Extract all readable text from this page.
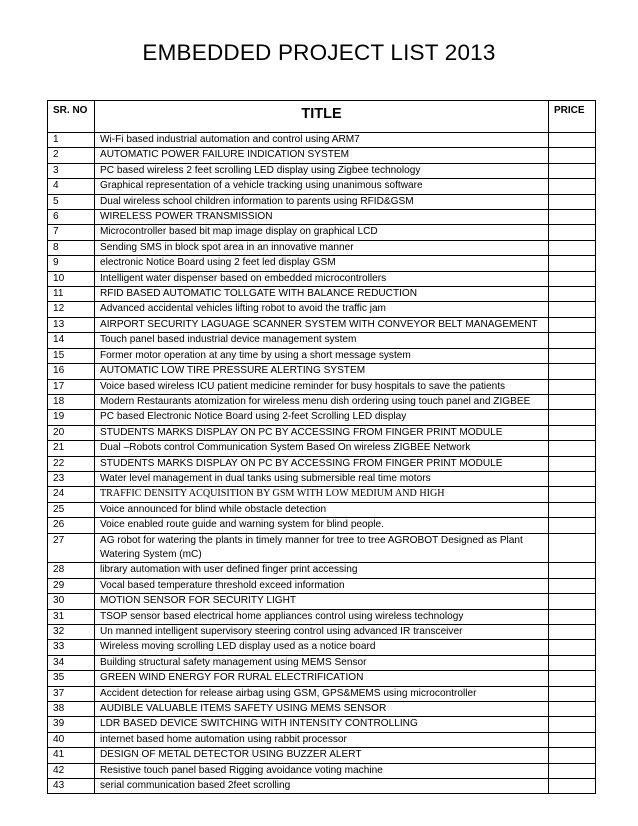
EMBEDDED PROJECT LIST 2013
SR. NO	TITLE	PRICE
1	Wi-Fi based industrial automation and control using ARM7	
2	AUTOMATIC POWER FAILURE INDICATION SYSTEM	
3	PC based wireless 2 feet scrolling LED display using Zigbee technology	
4	Graphical representation of a vehicle tracking using unanimous software	
5	Dual wireless school children information to parents using RFID&GSM	
6	WIRELESS POWER TRANSMISSION	
7	Microcontroller based bit map image display on graphical LCD	
8	Sending SMS in block spot area in an innovative manner	
9	electronic Notice Board using 2 feet led display GSM	
10	Intelligent water dispenser based on embedded microcontrollers	
11	RFID BASED AUTOMATIC TOLLGATE WITH BALANCE REDUCTION	
12	Advanced accidental vehicles lifting robot to avoid the traffic jam	
13	AIRPORT SECURITY LAGUAGE SCANNER SYSTEM WITH CONVEYOR BELT MANAGEMENT	
14	Touch panel based industrial device management system	
15	Former motor operation at any time by using a short message system	
16	AUTOMATIC LOW TIRE PRESSURE ALERTING SYSTEM	
17	Voice based wireless ICU patient medicine reminder for busy hospitals to save the patients	
18	Modern Restaurants atomization for wireless menu dish ordering using touch panel and ZIGBEE	
19	PC based Electronic Notice Board using 2-feet Scrolling LED display	
20	STUDENTS MARKS DISPLAY ON PC BY ACCESSING FROM FINGER PRINT MODULE	
21	Dual –Robots control Communication System Based On wireless ZIGBEE Network	
22	STUDENTS MARKS DISPLAY ON PC BY ACCESSING FROM FINGER PRINT MODULE	
23	Water level management in dual tanks using submersible real time motors	
24	TRAFFIC DENSITY ACQUISITION BY GSM WITH LOW MEDIUM AND HIGH	
25	Voice announced for blind while obstacle detection	
26	Voice enabled route guide and warning system for blind people.	
27	AG robot for watering the plants in timely manner for tree to tree AGROBOT Designed as Plant Watering System (mC)	
28	library automation with user defined finger print accessing	
29	Vocal based temperature threshold exceed information	
30	MOTION SENSOR FOR SECURITY LIGHT	
31	TSOP sensor based electrical home appliances control using wireless technology	
32	Un manned intelligent supervisory steering control using advanced IR transceiver	
33	Wireless moving scrolling LED display used as a notice board	
34	Building structural safety management using MEMS Sensor	
35	GREEN WIND ENERGY FOR RURAL ELECTRIFICATION	
37	Accident detection for release airbag using GSM, GPS&MEMS using microcontroller	
38	AUDIBLE VALUABLE ITEMS SAFETY USING MEMS SENSOR	
39	LDR BASED DEVICE SWITCHING WITH INTENSITY CONTROLLING	
40	internet based home automation using rabbit processor	
41	DESIGN OF METAL DETECTOR USING BUZZER ALERT	
42	Resistive touch panel based Rigging avoidance voting machine	
43	serial communication based 2feet scrolling	
